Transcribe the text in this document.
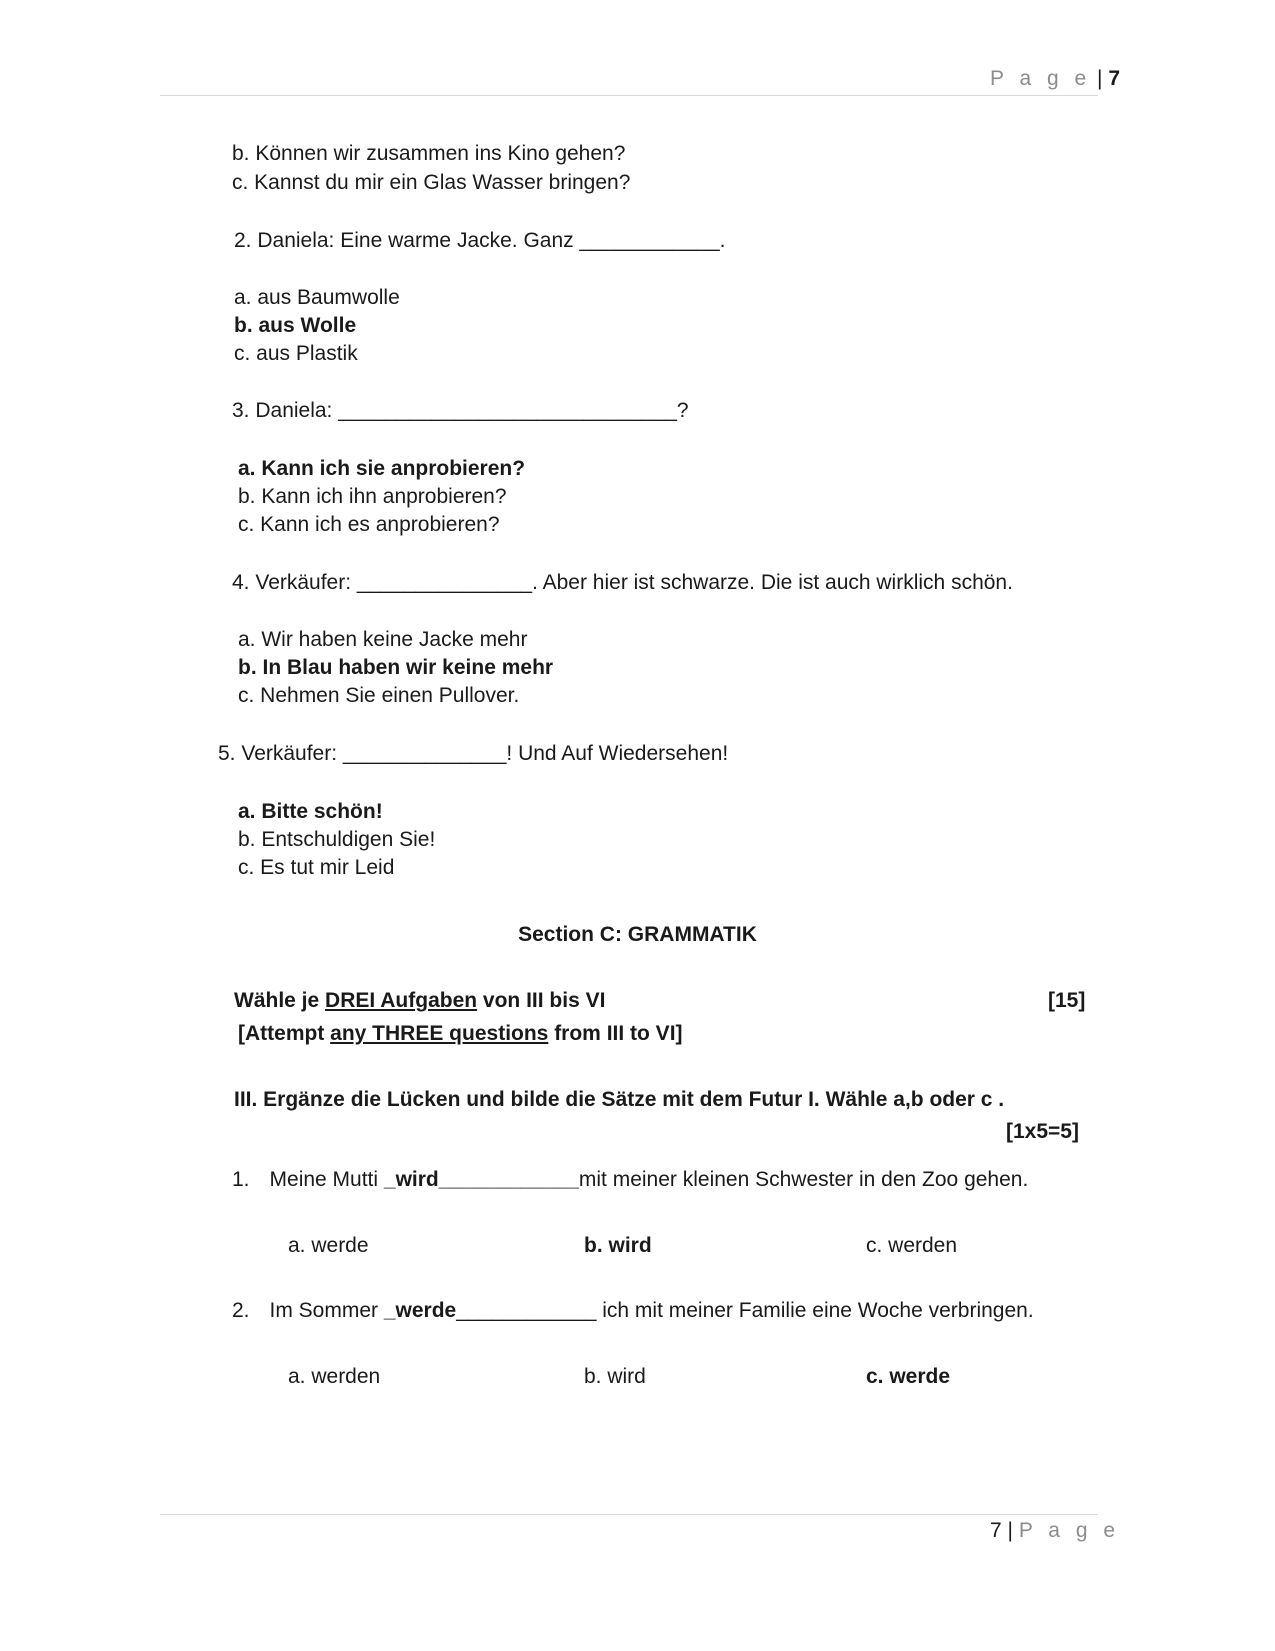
P a g e | 7
b. Können wir zusammen ins Kino gehen?
c. Kannst du mir ein Glas Wasser bringen?
2. Daniela: Eine warme Jacke. Ganz ____________.
a. aus Baumwolle
b. aus Wolle
c. aus Plastik
3. Daniela: _____________________________?
a. Kann ich sie anprobieren?
b. Kann ich ihn anprobieren?
c. Kann ich es anprobieren?
4. Verkäufer: _______________. Aber hier ist schwarze. Die ist auch wirklich schön.
a. Wir haben keine Jacke mehr
b. In Blau haben wir keine mehr
c. Nehmen Sie einen Pullover.
5. Verkäufer: ______________! Und Auf Wiedersehen!
a. Bitte schön!
b. Entschuldigen Sie!
c. Es tut mir Leid
Section C: GRAMMATIK
Wähle je DREI Aufgaben von III bis VI	[15]
[Attempt any THREE questions from III to VI]
III. Ergänze die Lücken und bilde die Sätze mit dem Futur I. Wähle a,b oder c .
[1x5=5]
1. Meine Mutti _wird____________mit meiner kleinen Schwester in den Zoo gehen.
a. werde	b. wird	c. werden
2. Im Sommer _werde____________ ich mit meiner Familie eine Woche verbringen.
a. werden	b. wird	c. werde
7 | P a g e
